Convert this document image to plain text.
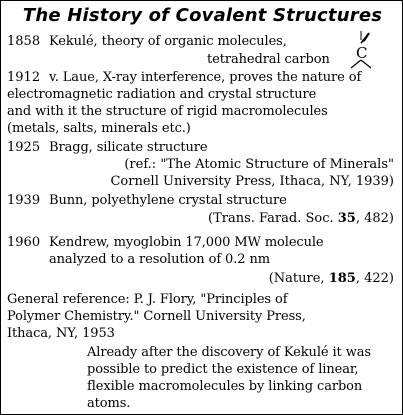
The History of Covalent Structures
1858 Kekulé, theory of organic molecules,
tetrahedral carbon C
1912 v. Laue, X-ray interference, proves the nature of
electromagnetic radiation and crystal structure
and with it the structure of rigid macromolecules
(metals, salts, minerals etc.)
1925 Bragg, silicate structure
(ref.: "The Atomic Structure of Minerals"
Cornell University Press, Ithaca, NY, 1939)
1939 Bunn, polyethylene crystal structure
(Trans. Farad. Soc. 35, 482)
1960 Kendrew, myoglobin 17,000 MW molecule
analyzed to a resolution of 0.2 nm
(Nature, 185, 422)
General reference: P. J. Flory, "Principles of
Polymer Chemistry." Cornell University Press,
Ithaca, NY, 1953
Already after the discovery of Kekulé it was
possible to predict the existence of linear,
flexible macromolecules by linking carbon
atoms.
